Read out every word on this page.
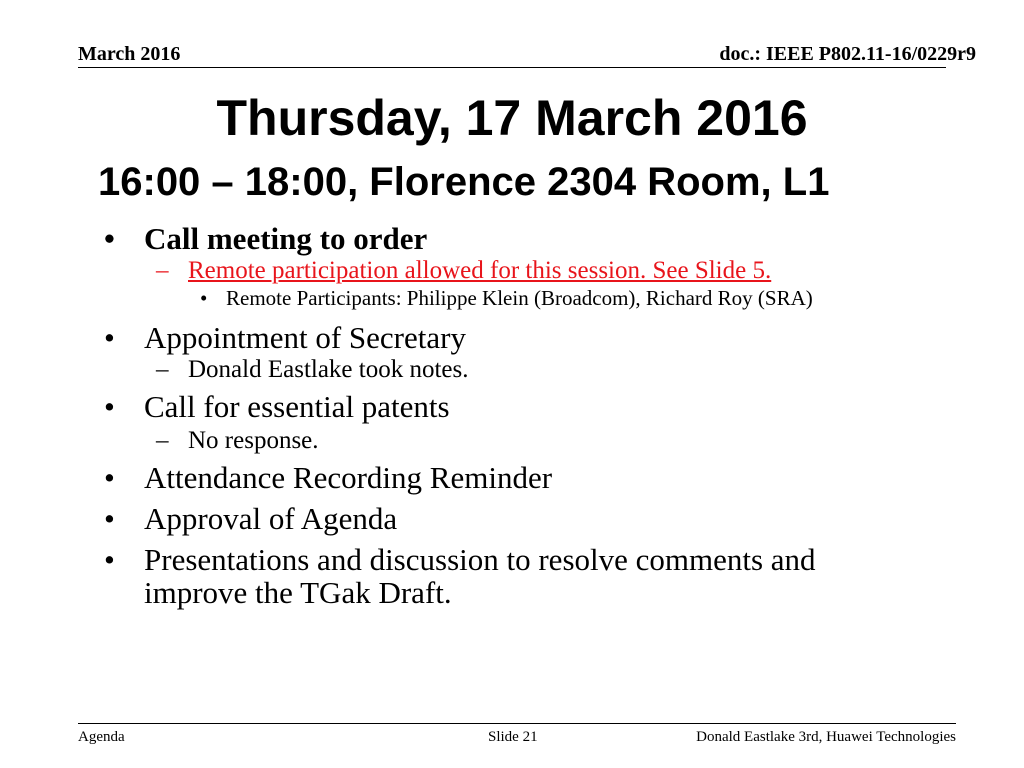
March 2016	doc.: IEEE P802.11-16/0229r9
Thursday, 17 March 2016
16:00 – 18:00, Florence 2304 Room, L1
• Call meeting to order
– Remote participation allowed for this session. See Slide 5.
• Remote Participants: Philippe Klein (Broadcom), Richard Roy (SRA)
• Appointment of Secretary
– Donald Eastlake took notes.
• Call for essential patents
– No response.
• Attendance Recording Reminder
• Approval of Agenda
• Presentations and discussion to resolve comments and improve the TGak Draft.
Agenda	Slide 21	Donald Eastlake 3rd, Huawei Technologies
